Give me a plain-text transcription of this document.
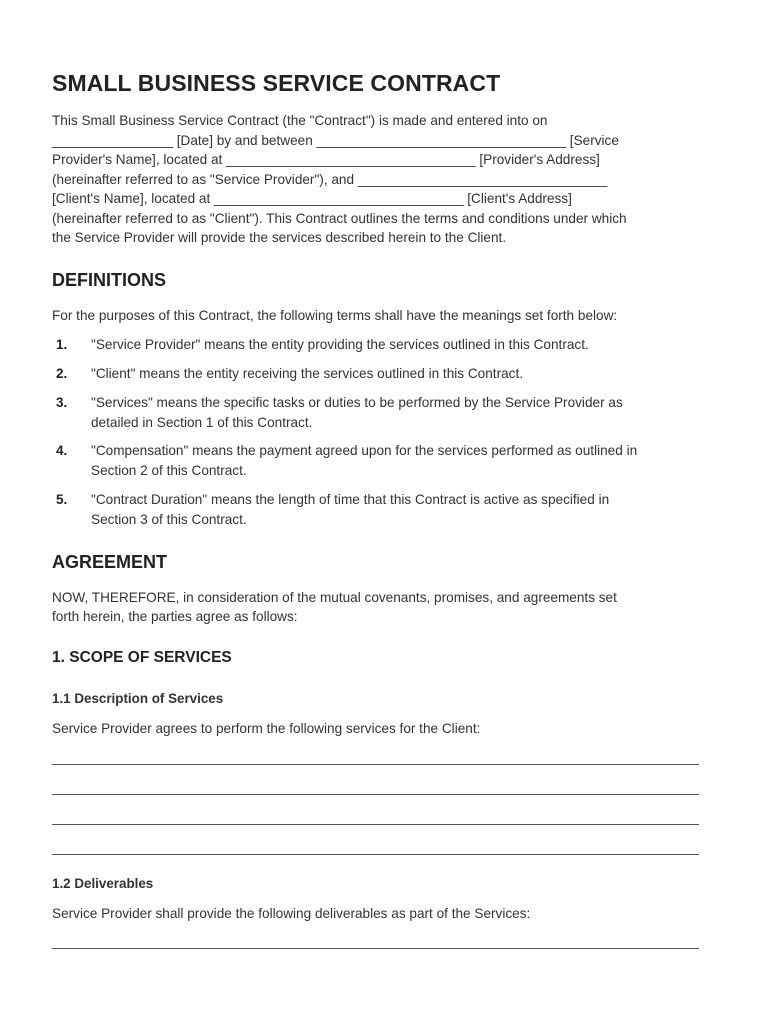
SMALL BUSINESS SERVICE CONTRACT

This Small Business Service Contract (the "Contract") is made and entered into on

________________ [Date] by and between _________________________________ [Service

Provider's Name], located at _________________________________ [Provider's Address]

(hereinafter referred to as "Service Provider"), and _________________________________

[Client's Name], located at _________________________________ [Client's Address]

(hereinafter referred to as "Client"). This Contract outlines the terms and conditions under which

the Service Provider will provide the services described herein to the Client.

DEFINITIONS

For the purposes of this Contract, the following terms shall have the meanings set forth below:

1. "Service Provider" means the entity providing the services outlined in this Contract.
2. "Client" means the entity receiving the services outlined in this Contract.
3. "Services" means the specific tasks or duties to be performed by the Service Provider as
detailed in Section 1 of this Contract.
4. "Compensation" means the payment agreed upon for the services performed as outlined in
Section 2 of this Contract.
5. "Contract Duration" means the length of time that this Contract is active as specified in
Section 3 of this Contract.
AGREEMENT

NOW, THEREFORE, in consideration of the mutual covenants, promises, and agreements set

forth herein, the parties agree as follows:

1. SCOPE OF SERVICES
1.1 Description of Services

Service Provider agrees to perform the following services for the Client:

1.2 Deliverables

Service Provider shall provide the following deliverables as part of the Services:
